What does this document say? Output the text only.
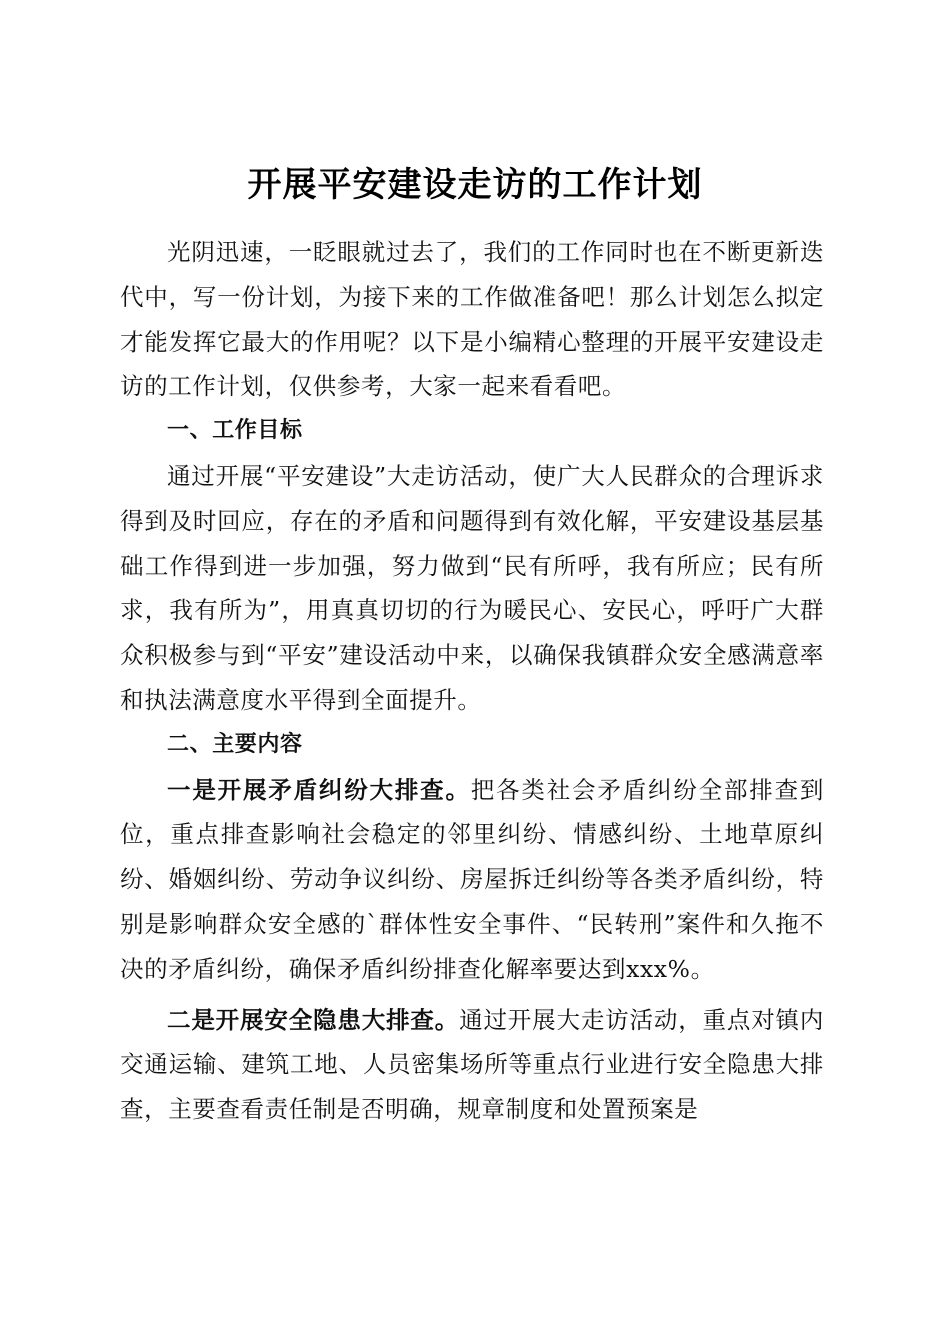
开展平安建设走访的工作计划

光阴迅速，一眨眼就过去了，我们的工作同时也在不断更新迭代中，写一份计划，为接下来的工作做准备吧！那么计划怎么拟定才能发挥它最大的作用呢？以下是小编精心整理的开展平安建设走访的工作计划，仅供参考，大家一起来看看吧。

一、工作目标

通过开展“平安建设”大走访活动，使广大人民群众的合理诉求得到及时回应，存在的矛盾和问题得到有效化解，平安建设基层基础工作得到进一步加强，努力做到“民有所呼，我有所应；民有所求，我有所为”，用真真切切的行为暖民心、安民心，呼吁广大群众积极参与到“平安”建设活动中来，以确保我镇群众安全感满意率和执法满意度水平得到全面提升。

二、主要内容

一是开展矛盾纠纷大排查。把各类社会矛盾纠纷全部排查到位，重点排查影响社会稳定的邻里纠纷、情感纠纷、土地草原纠纷、婚姻纠纷、劳动争议纠纷、房屋拆迁纠纷等各类矛盾纠纷，特别是影响群众安全感的`群体性安全事件、“民转刑”案件和久拖不决的矛盾纠纷，确保矛盾纠纷排查化解率要达到xxx%。

二是开展安全隐患大排查。通过开展大走访活动，重点对镇内交通运输、建筑工地、人员密集场所等重点行业进行安全隐患大排查，主要查看责任制是否明确，规章制度和处置预案是
